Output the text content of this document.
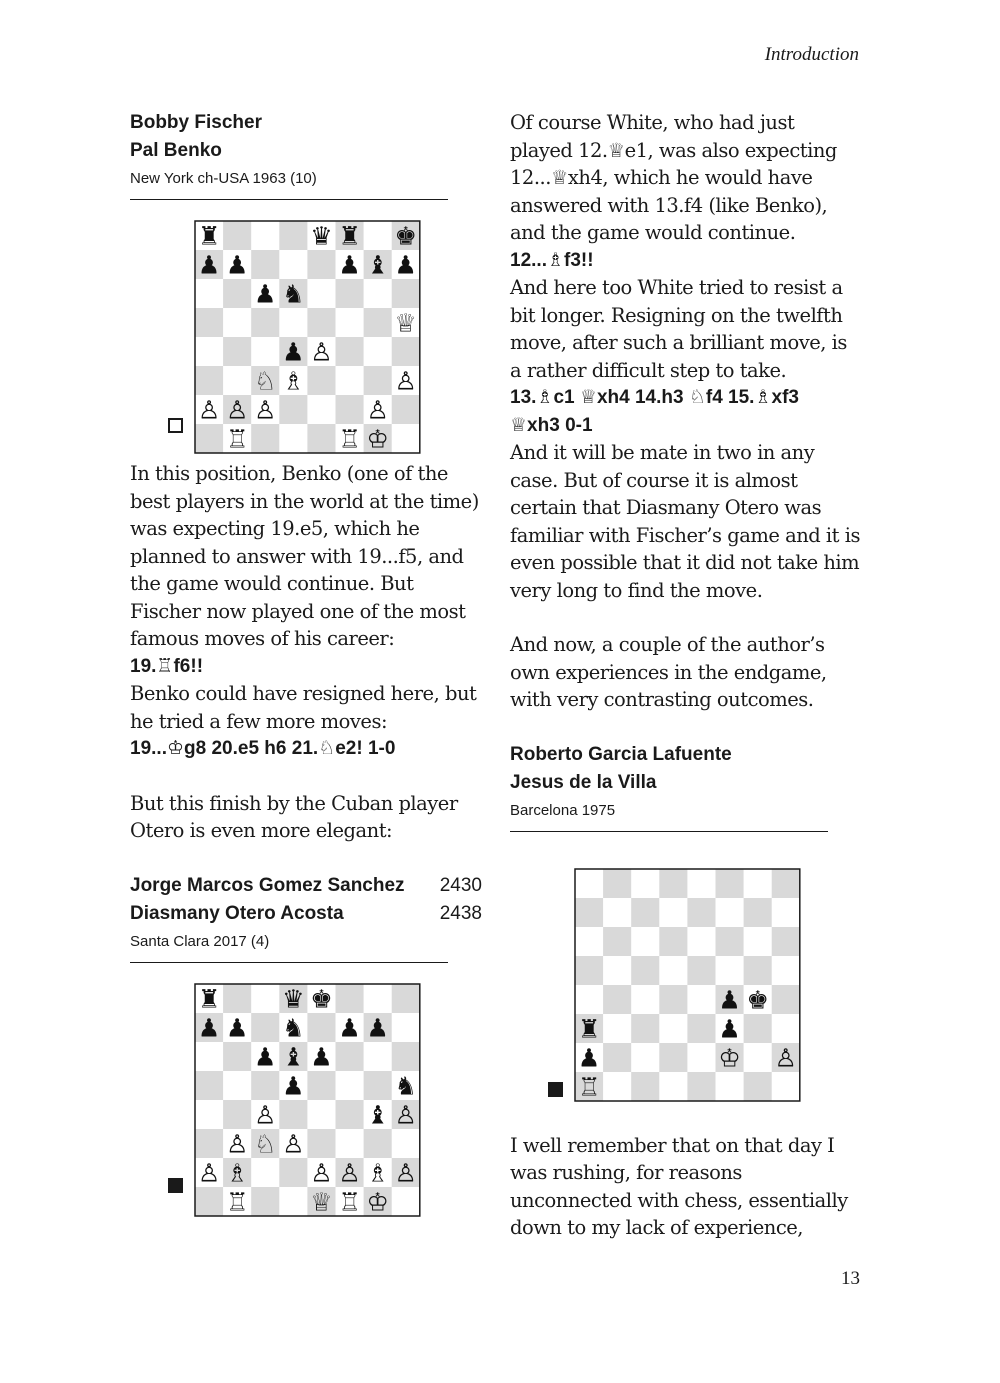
Introduction
Bobby Fischer
Pal Benko
New York ch-USA 1963 (10)
♜	♛ ♜ ♚
♟ ♟	♟ ♝ ♟
♟ ♞
♕
♟ ♙
♘ ♗	♙
♙ ♙ ♙	♙
♖	♖ ♔

In this position, Benko (one of the best players in the world at the time) was expecting 19.e5, which he planned to answer with 19...f5, and the game would continue. But Fischer now played one of the most famous moves of his career:

19.♖f6!!

Benko could have resigned here, but he tried a few more moves:

19...♔g8 20.e5 h6 21.♘e2! 1-0

But this finish by the Cuban player Otero is even more elegant:

Jorge Marcos Gomez Sanchez 2430
Diasmany Otero Acosta	2438
Santa Clara 2017 (4)
♜ ♛ ♚
♟ ♟ ♞ ♟ ♟
♟ ♝ ♟
♟	♞
♙	♝ ♙
♙ ♘ ♙
♙ ♗ ♙ ♙ ♗ ♙
♖ ♕ ♖ ♔

Of course White, who had just played 12.♕e1, was also expecting 12...♕xh4, which he would have answered with 13.f4 (like Benko), and the game would continue.

12...♗f3!!

And here too White tried to resist a bit longer. Resigning on the twelfth move, after such a brilliant move, is a rather difficult step to take.

13.♗c1 ♕xh4 14.h3 ♘f4 15.♗xf3
♕xh3 0-1

And it will be mate in two in any case. But of course it is almost certain that Diasmany Otero was familiar with Fischer’s game and it is even possible that it did not take him very long to find the move.

And now, a couple of the author’s own experiences in the endgame, with very contrasting outcomes.

Roberto Garcia Lafuente
Jesus de la Villa
Barcelona 1975
♟ ♚
♜	♟
♟	♔ ♙
♖

I well remember that on that day I was rushing, for reasons unconnected with chess, essentially down to my lack of experience,

13
